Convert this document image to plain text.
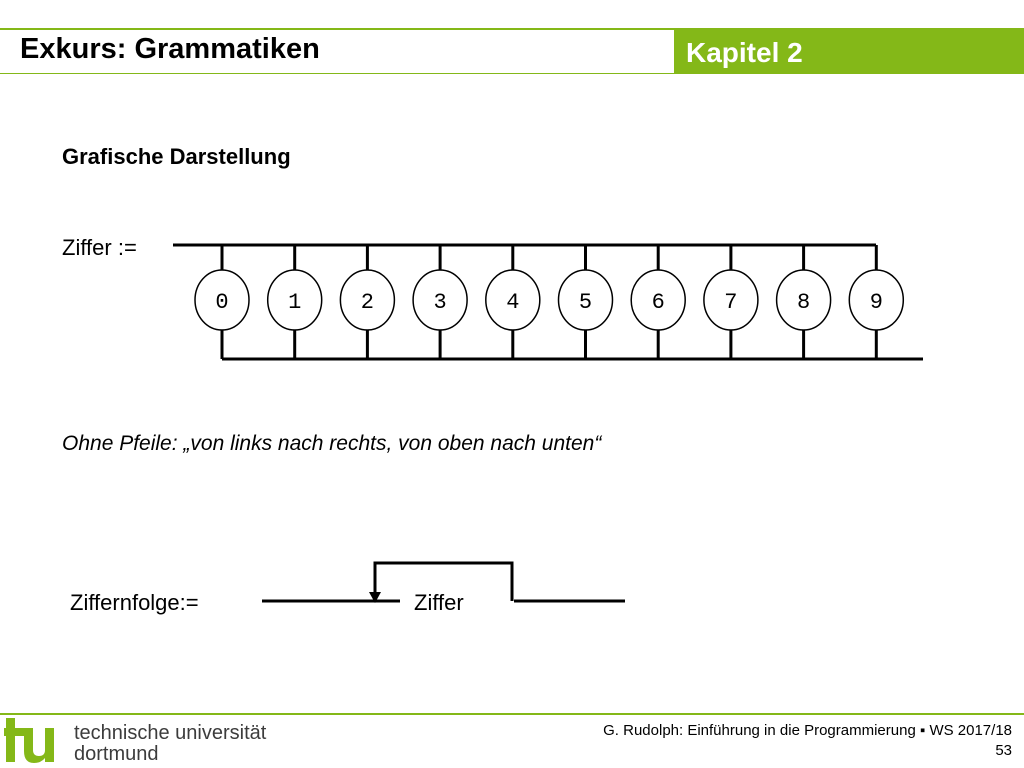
Exkurs: Grammatiken	Kapitel 2
Grafische Darstellung
Ziffer :=
0	1	2	3	4	5	6	7	8	9
Ziffernfolge:=	Ziffer
Ohne Pfeile: „von links nach rechts, von oben nach unten“
technische universität
dortmund
G. Rudolph: Einführung in die Programmierung ▪ WS 2017/18
53
